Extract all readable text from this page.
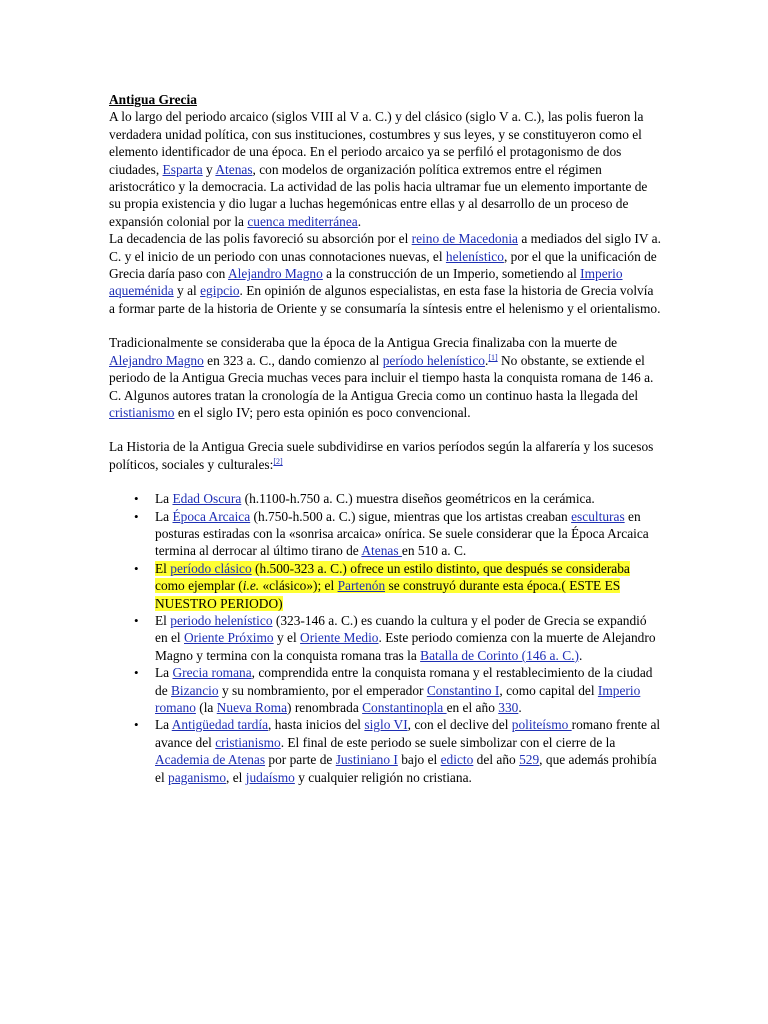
Antigua Grecia

A lo largo del periodo arcaico (siglos VIII al V a. C.) y del clásico (siglo V a. C.), las polis fueron la verdadera unidad política, con sus instituciones, costumbres y sus leyes, y se constituyeron como el elemento identificador de una época. En el periodo arcaico ya se perfiló el protagonismo de dos ciudades, Esparta y Atenas, con modelos de organización política extremos entre el régimen aristocrático y la democracia. La actividad de las polis hacia ultramar fue un elemento importante de su propia existencia y dio lugar a luchas hegemónicas entre ellas y al desarrollo de un proceso de expansión colonial por la cuenca mediterránea.

La decadencia de las polis favoreció su absorción por el reino de Macedonia a mediados del siglo IV a. C. y el inicio de un periodo con unas connotaciones nuevas, el helenístico, por el que la unificación de Grecia daría paso con Alejandro Magno a la construcción de un Imperio, sometiendo al Imperio aqueménida y al egipcio. En opinión de algunos especialistas, en esta fase la historia de Grecia volvía a formar parte de la historia de Oriente y se consumaría la síntesis entre el helenismo y el orientalismo.

Tradicionalmente se consideraba que la época de la Antigua Grecia finalizaba con la muerte de Alejandro Magno en 323 a. C., dando comienzo al período helenístico.[1] No obstante, se extiende el periodo de la Antigua Grecia muchas veces para incluir el tiempo hasta la conquista romana de 146 a. C. Algunos autores tratan la cronología de la Antigua Grecia como un continuo hasta la llegada del cristianismo en el siglo IV; pero esta opinión es poco convencional.

La Historia de la Antigua Grecia suele subdividirse en varios períodos según la alfarería y los sucesos políticos, sociales y culturales:[2]

• La Edad Oscura (h.1100-h.750 a. C.) muestra diseños geométricos en la cerámica.
• La Época Arcaica (h.750-h.500 a. C.) sigue, mientras que los artistas creaban esculturas en posturas estiradas con la «sonrisa arcaica» onírica. Se suele considerar que la Época Arcaica termina al derrocar al último tirano de Atenas en 510 a. C.
• El período clásico (h.500-323 a. C.) ofrece un estilo distinto, que después se consideraba como ejemplar (i.e. «clásico»); el Partenón se construyó durante esta época.( ESTE ES NUESTRO PERIODO)
• El periodo helenístico (323-146 a. C.) es cuando la cultura y el poder de Grecia se expandió en el Oriente Próximo y el Oriente Medio. Este periodo comienza con la muerte de Alejandro Magno y termina con la conquista romana tras la Batalla de Corinto (146 a. C.).
• La Grecia romana, comprendida entre la conquista romana y el restablecimiento de la ciudad de Bizancio y su nombramiento, por el emperador Constantino I, como capital del Imperio romano (la Nueva Roma) renombrada Constantinopla en el año 330.
• La Antigüedad tardía, hasta inicios del siglo VI, con el declive del politeísmo romano frente al avance del cristianismo. El final de este periodo se suele simbolizar con el cierre de la Academia de Atenas por parte de Justiniano I bajo el edicto del año 529, que además prohibía el paganismo, el judaísmo y cualquier religión no cristiana.
